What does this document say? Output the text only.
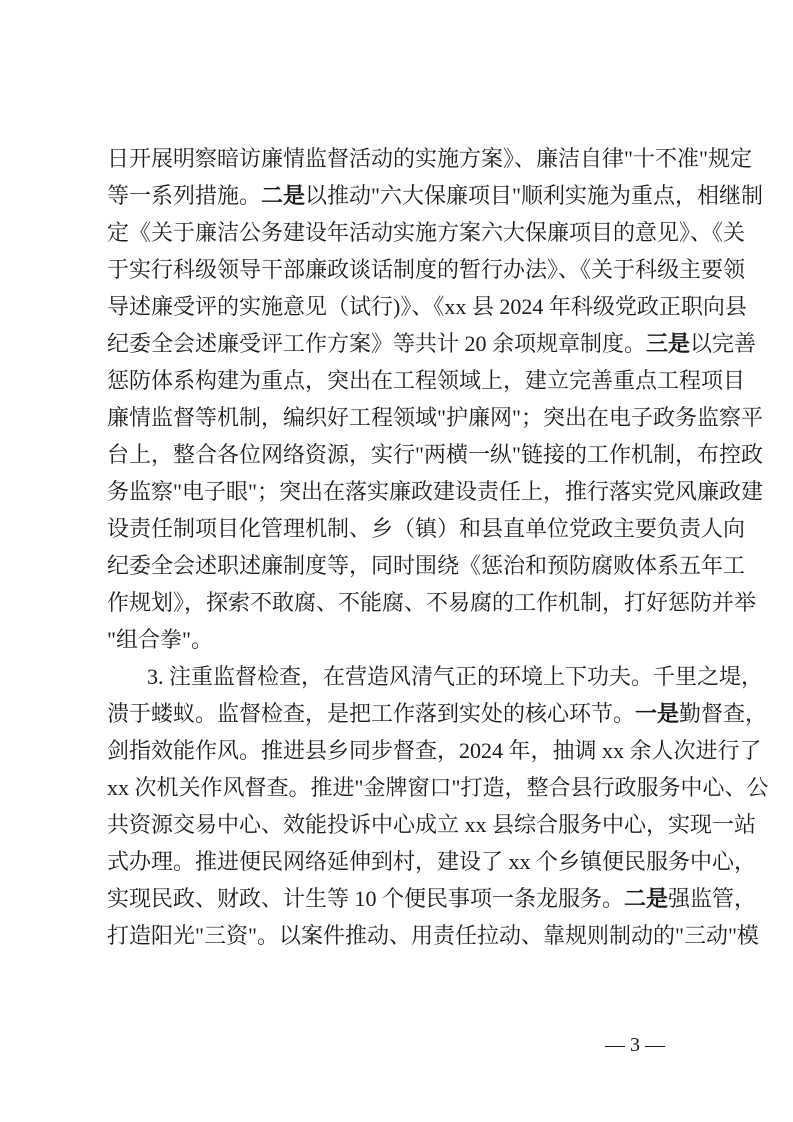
日开展明察暗访廉情监督活动的实施方案》、廉洁自律"十不准"规定
等一系列措施。二是以推动"六大保廉项目"顺利实施为重点，相继制
定《关于廉洁公务建设年活动实施方案六大保廉项目的意见》、《关
于实行科级领导干部廉政谈话制度的暂行办法》、《关于科级主要领
导述廉受评的实施意见（试行)》、《xx 县 2024 年科级党政正职向县
纪委全会述廉受评工作方案》等共计 20 余项规章制度。三是以完善
惩防体系构建为重点，突出在工程领域上，建立完善重点工程项目
廉情监督等机制，编织好工程领域"护廉网"；突出在电子政务监察平
台上，整合各位网络资源，实行"两横一纵"链接的工作机制，布控政
务监察"电子眼"；突出在落实廉政建设责任上，推行落实党风廉政建
设责任制项目化管理机制、乡（镇）和县直单位党政主要负责人向
纪委全会述职述廉制度等，同时围绕《惩治和预防腐败体系五年工
作规划》，探索不敢腐、不能腐、不易腐的工作机制，打好惩防并举
"组合拳"。
3. 注重监督检查，在营造风清气正的环境上下功夫。千里之堤，
溃于蝼蚁。监督检查，是把工作落到实处的核心环节。一是勤督查，
剑指效能作风。推进县乡同步督查，2024 年，抽调 xx 余人次进行了
xx 次机关作风督查。推进"金牌窗口"打造，整合县行政服务中心、公
共资源交易中心、效能投诉中心成立 xx 县综合服务中心，实现一站
式办理。推进便民网络延伸到村，建设了 xx 个乡镇便民服务中心，
实现民政、财政、计生等 10 个便民事项一条龙服务。二是强监管，
打造阳光"三资"。以案件推动、用责任拉动、靠规则制动的"三动"模
— 3 —
